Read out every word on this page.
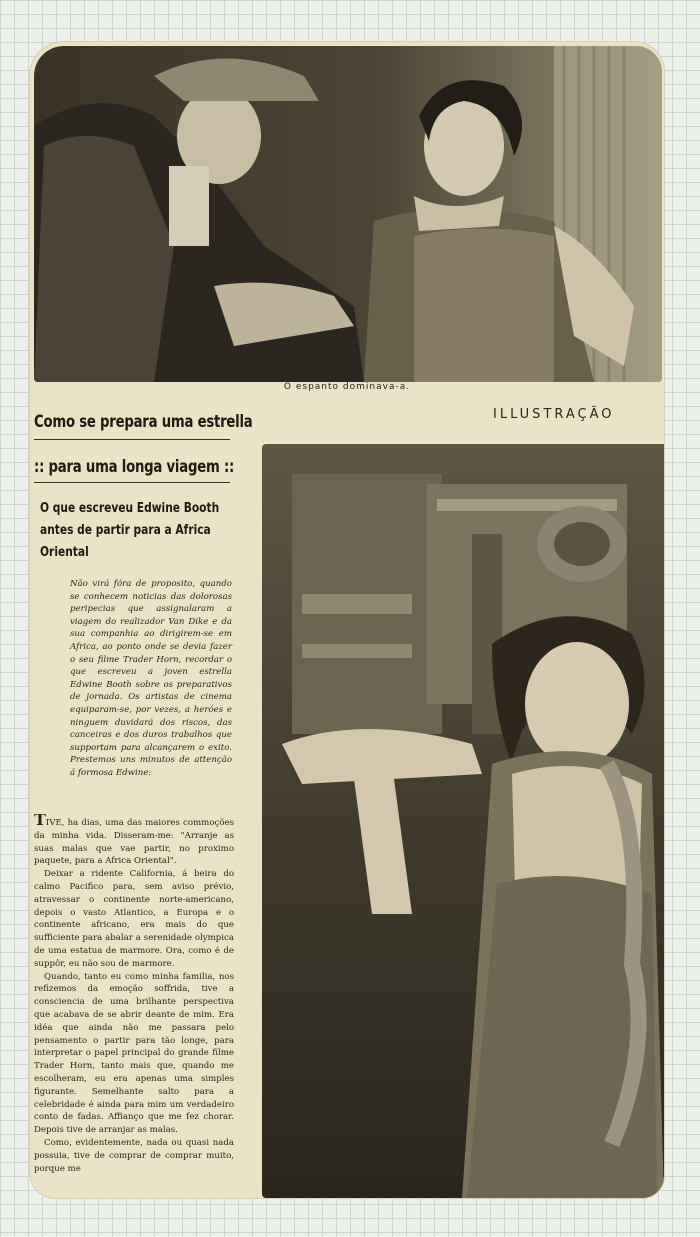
O espanto dominava-a.
ILLUSTRAÇÃO
Como se prepara uma estrella
:: para uma longa viagem ::
O que escreveu Edwine Booth antes de partir para a Africa Oriental
Não virá fóra de proposito, quando se conhecem noticias das dolorosas peripecias que assignalaram a viagem do realizador Van Dike e da sua companhia ao dirigirem-se em Africa, ao ponto onde se devia fazer o seu filme Trader Horn, recordar o que escreveu a joven estrella Edwine Booth sobre os preparativos de jornada. Os artistas de cinema equiparam-se, por vezes, a heróes e ninguem duvidará dos riscos, das canceiras e dos duros trabalhos que supportam para alcançarem o exito. Prestemos uns minutos de attenção á formosa Edwine:

TIVE, ha dias, uma das maiores commoções da minha vida. Disseram-me: "Arranje as suas malas que vae partir, no proximo paquete, para a Africa Oriental".

Deixar a ridente California, á beira do calmo Pacifico para, sem aviso prévio, atravessar o continente norte-americano, depois o vasto Atlantico, a Europa e o continente africano, era mais do que sufficiente para abalar a serenidade olympica de uma estatua de marmore. Ora, como é de suppôr, eu não sou de marmore.

Quando, tanto eu como minha familia, nos refizemos da emoção soffrida, tive a consciencia de uma brilhante perspectiva que acabava de se abrir deante de mim. Era idéa que ainda não me passara pelo pensamento o partir para tão longe, para interpretar o papel principal do grande filme Trader Horn, tanto mais que, quando me escolheram, eu era apenas uma simples figurante. Semelhante salto para a celebridade é ainda para mim um verdadeiro conto de fadas. Affianço que me fez chorar. Depois tive de arranjar as malas.

Como, evidentemente, nada ou quasi nada possuia, tive de comprar de comprar muito, porque me
